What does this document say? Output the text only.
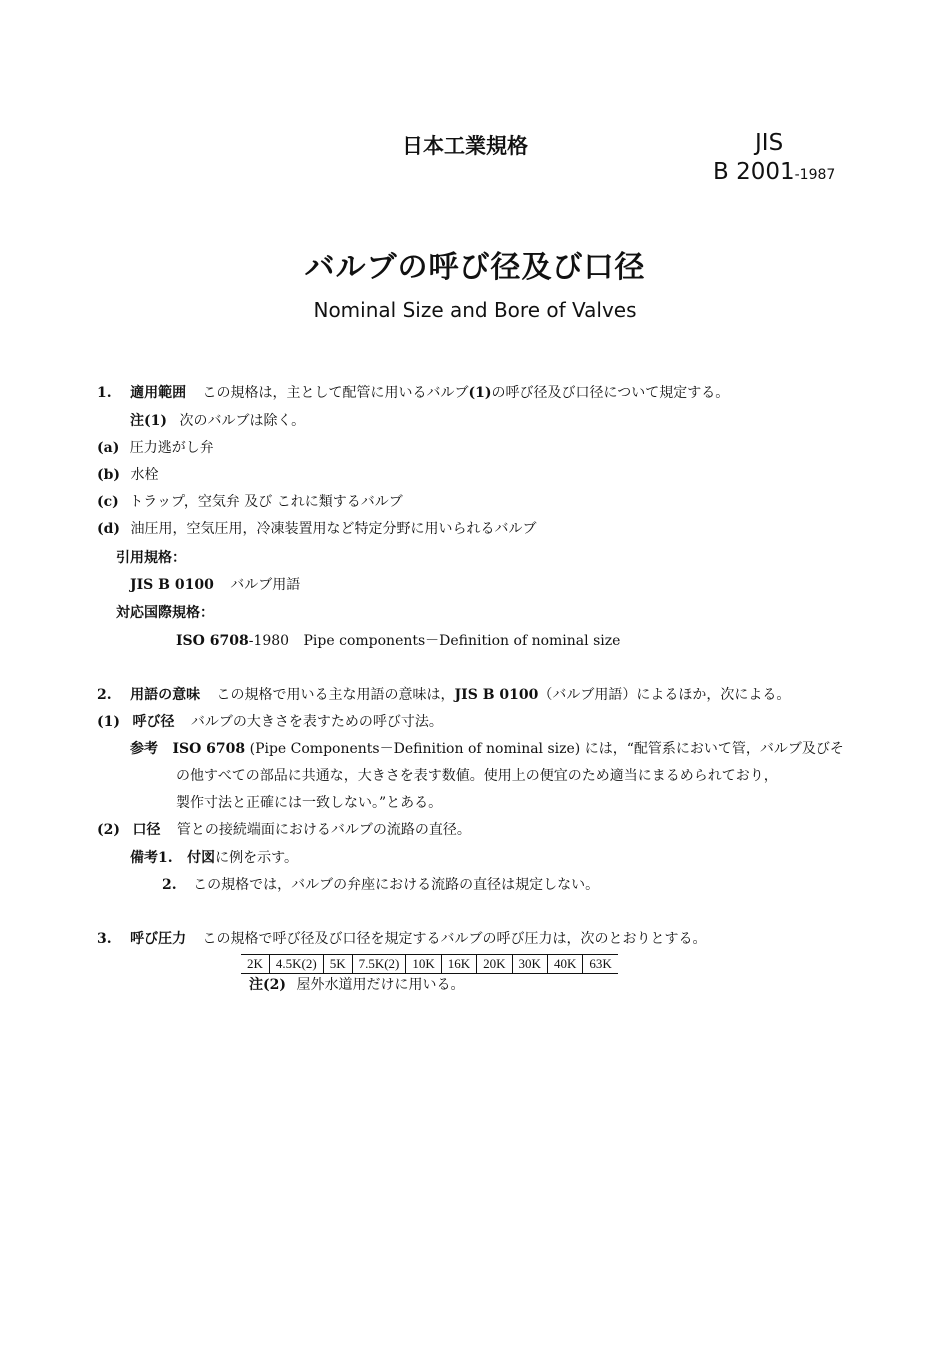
日本工業規格	JIS
B 2001-1987
バルブの呼び径及び口径
Nominal Size and Bore of Valves
1. 適用範囲 この規格は，主として配管に用いるバルブ(1)の呼び径及び口径について規定する。
注(1) 次のバルブは除く。
(a) 圧力逃がし弁
(b) 水栓
(c) トラップ，空気弁 及び これに類するバルブ
(d) 油圧用，空気圧用，冷凍装置用など特定分野に用いられるバルブ
引用規格：
JIS B 0100 バルブ用語
対応国際規格：
ISO 6708-1980 Pipe components－Definition of nominal size
2. 用語の意味 この規格で用いる主な用語の意味は，JIS B 0100（バルブ用語）によるほか，次による。
(1) 呼び径 バルブの大きさを表すための呼び寸法。
参考 ISO 6708 (Pipe Components－Definition of nominal size) には，“配管系において管，バルブ及びそ
の他すべての部品に共通な，大きさを表す数値。使用上の便宜のため適当にまるめられており，
製作寸法と正確には一致しない。”とある。
(2) 口径 管との接続端面におけるバルブの流路の直径。
備考1. 付図に例を示す。
2. この規格では，バルブの弁座における流路の直径は規定しない。
3. 呼び圧力 この規格で呼び径及び口径を規定するバルブの呼び圧力は，次のとおりとする。
2K	4.5K(2)	5K	7.5K(2)	10K	16K	20K	30K	40K	63K
注(2) 屋外水道用だけに用いる。
